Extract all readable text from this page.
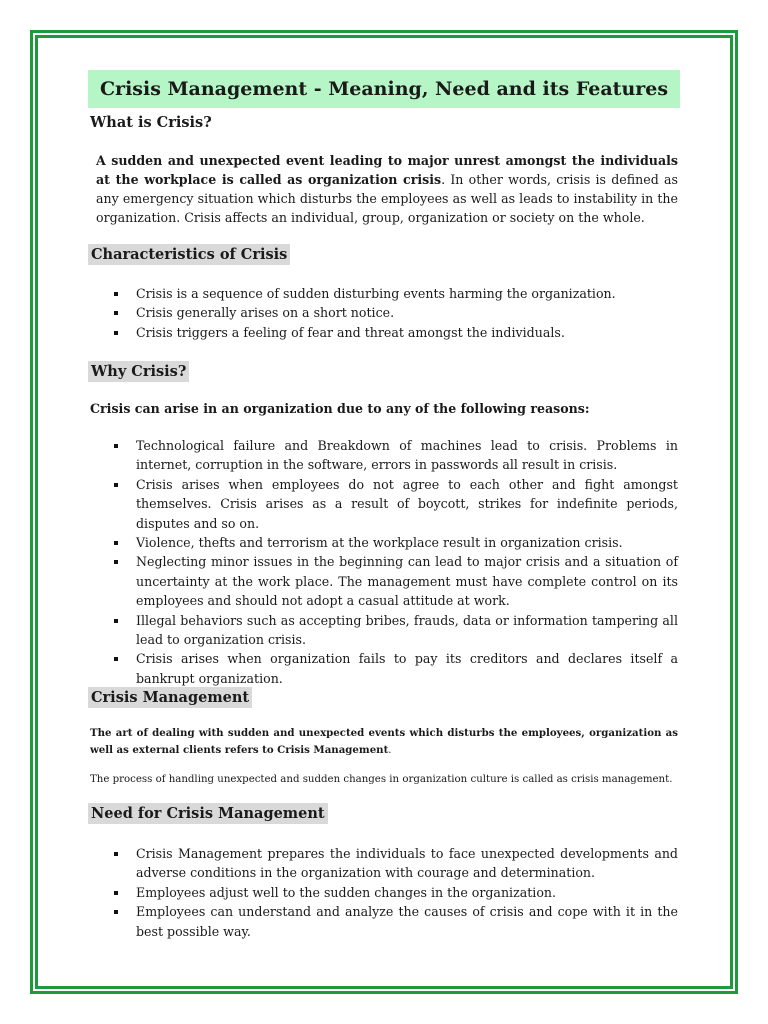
Crisis Management - Meaning, Need and its Features
What is Crisis?
A sudden and unexpected event leading to major unrest amongst the individuals at the workplace is called as organization crisis. In other words, crisis is defined as any emergency situation which disturbs the employees as well as leads to instability in the organization. Crisis affects an individual, group, organization or society on the whole.
Characteristics of Crisis
Crisis is a sequence of sudden disturbing events harming the organization.
Crisis generally arises on a short notice.
Crisis triggers a feeling of fear and threat amongst the individuals.
Why Crisis?
Crisis can arise in an organization due to any of the following reasons:
Technological failure and Breakdown of machines lead to crisis. Problems in internet, corruption in the software, errors in passwords all result in crisis.
Crisis arises when employees do not agree to each other and fight amongst themselves. Crisis arises as a result of boycott, strikes for indefinite periods, disputes and so on.
Violence, thefts and terrorism at the workplace result in organization crisis.
Neglecting minor issues in the beginning can lead to major crisis and a situation of uncertainty at the work place. The management must have complete control on its employees and should not adopt a casual attitude at work.
Illegal behaviors such as accepting bribes, frauds, data or information tampering all lead to organization crisis.
Crisis arises when organization fails to pay its creditors and declares itself a bankrupt organization.
Crisis Management
The art of dealing with sudden and unexpected events which disturbs the employees, organization as well as external clients refers to Crisis Management.
The process of handling unexpected and sudden changes in organization culture is called as crisis management.
Need for Crisis Management
Crisis Management prepares the individuals to face unexpected developments and adverse conditions in the organization with courage and determination.
Employees adjust well to the sudden changes in the organization.
Employees can understand and analyze the causes of crisis and cope with it in the best possible way.
